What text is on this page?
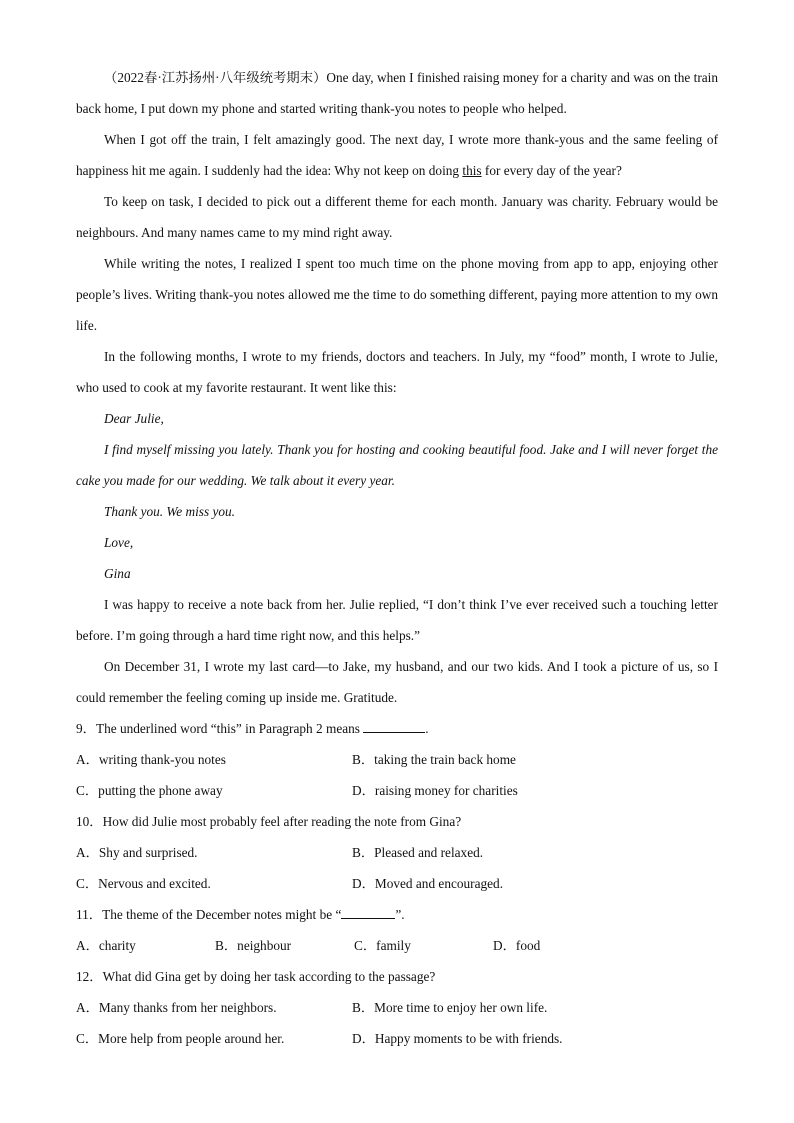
（2022春·江苏扬州·八年级统考期末）One day, when I finished raising money for a charity and was on the train back home, I put down my phone and started writing thank-you notes to people who helped.

When I got off the train, I felt amazingly good. The next day, I wrote more thank-yous and the same feeling of happiness hit me again. I suddenly had the idea: Why not keep on doing this for every day of the year?

To keep on task, I decided to pick out a different theme for each month. January was charity. February would be neighbours. And many names came to my mind right away.

While writing the notes, I realized I spent too much time on the phone moving from app to app, enjoying other people’s lives. Writing thank-you notes allowed me the time to do something different, paying more attention to my own life.

In the following months, I wrote to my friends, doctors and teachers. In July, my “food” month, I wrote to Julie, who used to cook at my favorite restaurant. It went like this:

Dear Julie,

I find myself missing you lately. Thank you for hosting and cooking beautiful food. Jake and I will never forget the cake you made for our wedding. We talk about it every year.

Thank you. We miss you.

Love,

Gina

I was happy to receive a note back from her. Julie replied, “I don’t think I’ve ever received such a touching letter before. I’m going through a hard time right now, and this helps.”

On December 31, I wrote my last card—to Jake, my husband, and our two kids. And I took a picture of us, so I could remember the feeling coming up inside me. Gratitude.

9．The underlined word “this” in Paragraph 2 means	.

A．writing thank-you notes	B．taking the train back home
C．putting the phone away	D．raising money for charities

10．How did Julie most probably feel after reading the note from Gina?

A．Shy and surprised.	B．Pleased and relaxed.
C．Nervous and excited.	D．Moved and encouraged.

11．The theme of the December notes might be “	”.

A．charity	B．neighbour	C．family	D．food

12．What did Gina get by doing her task according to the passage?

A．Many thanks from her neighbors.	B．More time to enjoy her own life.
C．More help from people around her.	D．Happy moments to be with friends.
